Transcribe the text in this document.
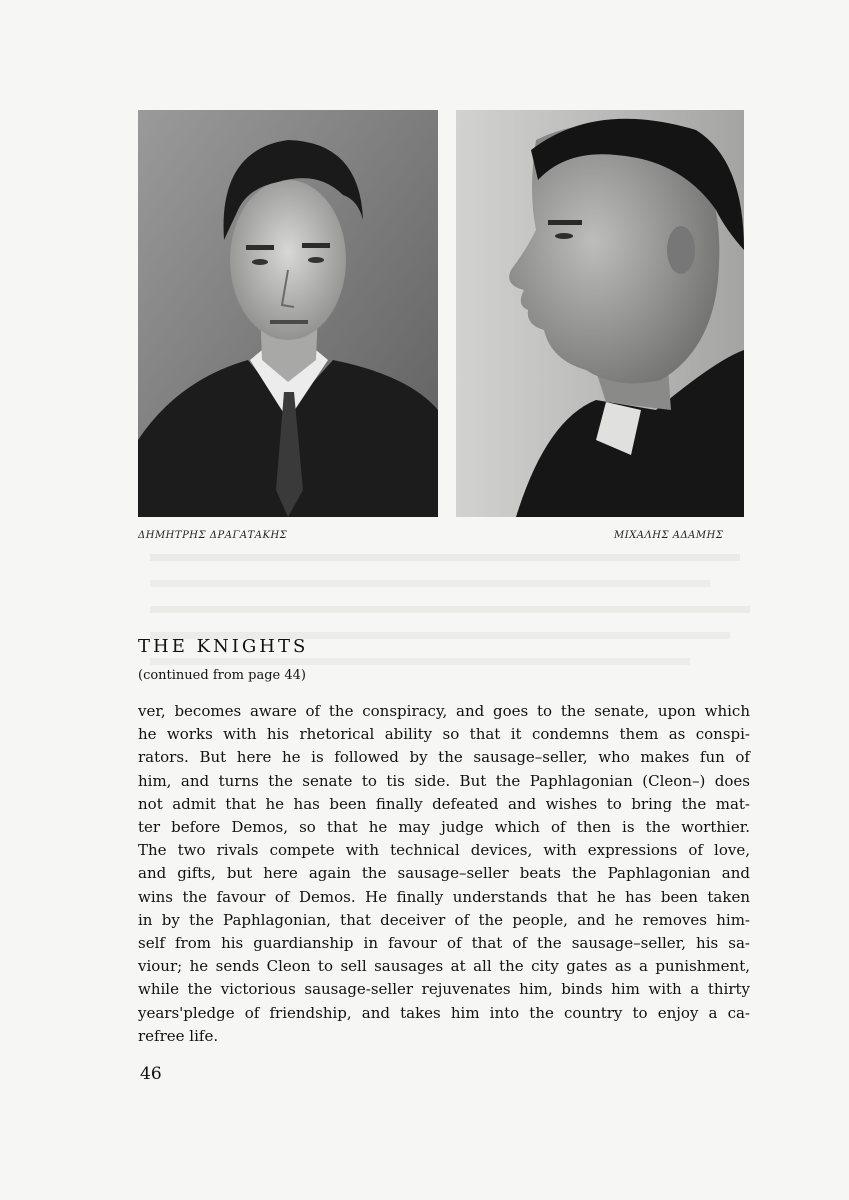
ΔΗΜΗΤΡΗΣ ΔΡΑΓΑΤΑΚΗΣ	ΜΙΧΑΛΗΣ ΑΔΑΜΗΣ
THE KNIGHTS
(continued from page 44)
ver, becomes aware of the conspiracy, and goes to the senate, upon which
he works with his rhetorical ability so that it condemns them as conspi-
rators. But here he is followed by the sausage–seller, who makes fun of
him, and turns the senate to tis side. But the Paphlagonian (Cleon–) does
not admit that he has been finally defeated and wishes to bring the mat-
ter before Demos, so that he may judge which of then is the worthier.
The two rivals compete with technical devices, with expressions of love,
and gifts, but here again the sausage–seller beats the Paphlagonian and
wins the favour of Demos. He finally understands that he has been taken
in by the Paphlagonian, that deceiver of the people, and he removes him-
self from his guardianship in favour of that of the sausage–seller, his sa-
viour; he sends Cleon to sell sausages at all the city gates as a punishment,
while the victorious sausage-seller rejuvenates him, binds him with a thirty
years'pledge of friendship, and takes him into the country to enjoy a ca-
refree life.
46
